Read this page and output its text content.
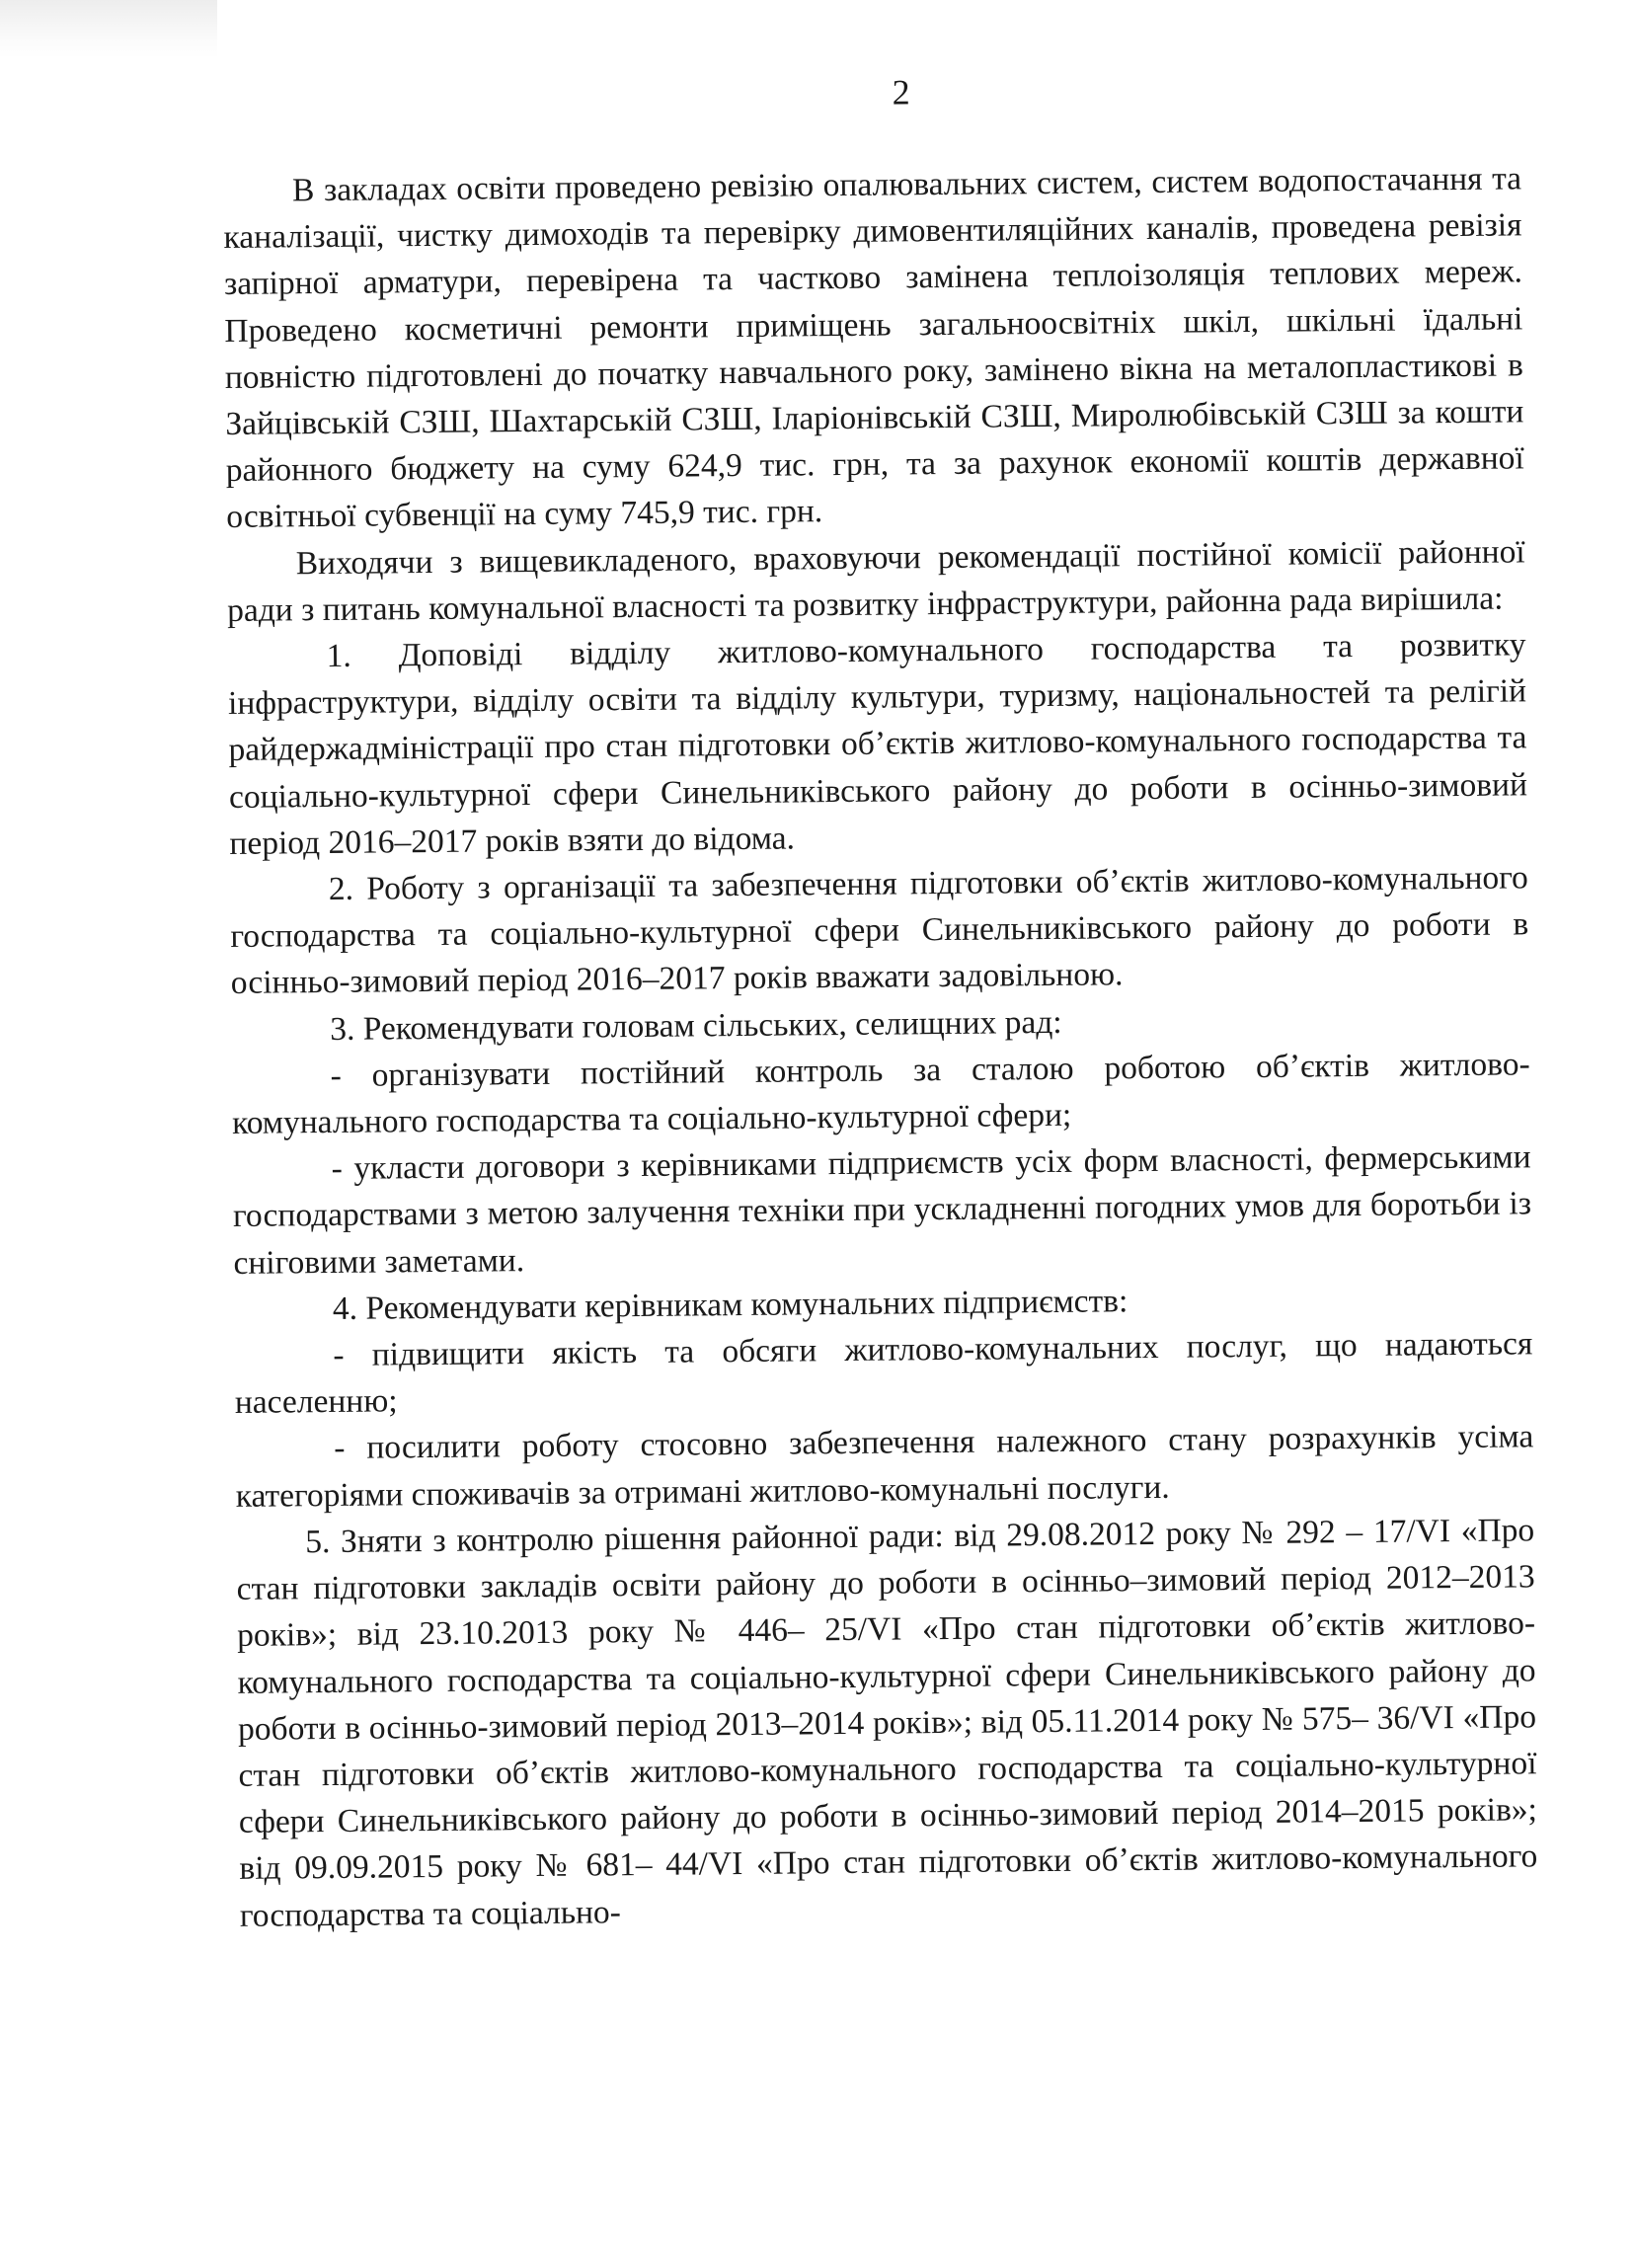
2

В закладах освіти проведено ревізію опалювальних систем, систем водопостачання та каналізації, чистку димоходів та перевірку димовентиляційних каналів, проведена ревізія запірної арматури, перевірена та частково замінена теплоізоляція теплових мереж. Проведено косметичні ремонти приміщень загальноосвітніх шкіл, шкільні їдальні повністю підготовлені до початку навчального року, замінено вікна на металопластикові в Зайцівській СЗШ, Шахтарській СЗШ, Іларіонівській СЗШ, Миролюбівській СЗШ за кошти районного бюджету на суму 624,9 тис. грн, та за рахунок економії коштів державної освітньої субвенції на суму 745,9 тис. грн.

Виходячи з вищевикладеного, враховуючи рекомендації постійної комісії районної ради з питань комунальної власності та розвитку інфраструктури, районна рада вирішила:

1. Доповіді відділу житлово-комунального господарства та розвитку інфраструктури, відділу освіти та відділу культури, туризму, національностей та релігій райдержадміністрації про стан підготовки об’єктів житлово-комунального господарства та соціально-культурної сфери Синельниківського району до роботи в осінньо-зимовий період 2016–2017 років взяти до відома.

2. Роботу з організації та забезпечення підготовки об’єктів житлово-комунального господарства та соціально-культурної сфери Синельниківського району до роботи в осінньо-зимовий період 2016–2017 років вважати задовільною.

3. Рекомендувати головам сільських, селищних рад:

- організувати постійний контроль за сталою роботою об’єктів житлово-комунального господарства та соціально-культурної сфери;

- укласти договори з керівниками підприємств усіх форм власності, фермерськими господарствами з метою залучення техніки при ускладненні погодних умов для боротьби із сніговими заметами.

4. Рекомендувати керівникам комунальних підприємств:

- підвищити якість та обсяги житлово-комунальних послуг, що надаються населенню;

- посилити роботу стосовно забезпечення належного стану розрахунків усіма категоріями споживачів за отримані житлово-комунальні послуги.

5. Зняти з контролю рішення районної ради: від 29.08.2012 року № 292 – 17/VI «Про стан підготовки закладів освіти району до роботи в осінньо–зимовий період 2012–2013 років»; від 23.10.2013 року № 446– 25/VI «Про стан підготовки об’єктів житлово-комунального господарства та соціально-культурної сфери Синельниківського району до роботи в осінньо-зимовий період 2013–2014 років»; від 05.11.2014 року № 575– 36/VI «Про стан підготовки об’єктів житлово-комунального господарства та соціально-культурної сфери Синельниківського району до роботи в осінньо-зимовий період 2014–2015 років»; від 09.09.2015 року № 681– 44/VI «Про стан підготовки об’єктів житлово-комунального господарства та соціально-
